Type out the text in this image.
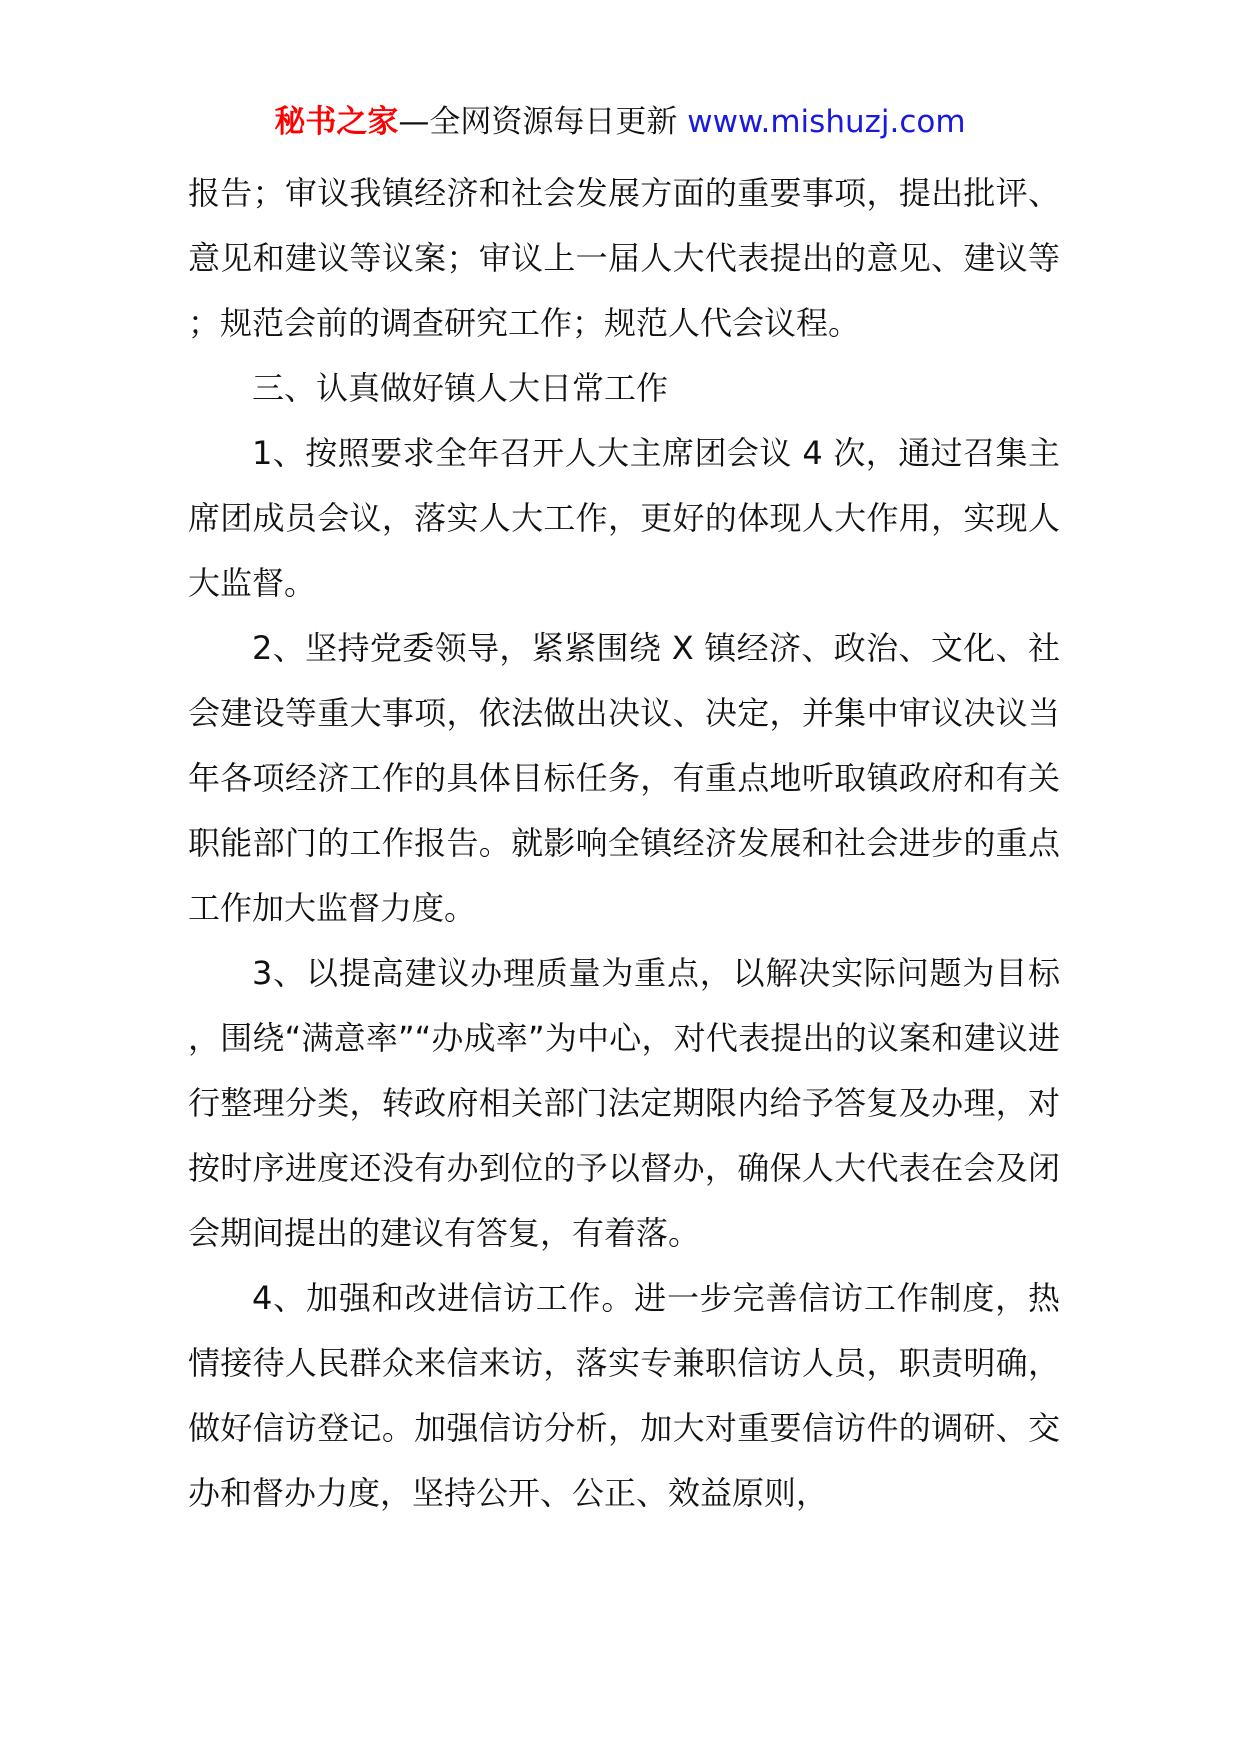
秘书之家—全网资源每日更新 www.mishuzj.com

报告；审议我镇经济和社会发展方面的重要事项，提出批评、意见和建议等议案；审议上一届人大代表提出的意见、建议等；规范会前的调查研究工作；规范人代会议程。

三、认真做好镇人大日常工作

1、按照要求全年召开人大主席团会议 4 次，通过召集主席团成员会议，落实人大工作，更好的体现人大作用，实现人大监督。

2、坚持党委领导，紧紧围绕 X 镇经济、政治、文化、社会建设等重大事项，依法做出决议、决定，并集中审议决议当年各项经济工作的具体目标任务，有重点地听取镇政府和有关职能部门的工作报告。就影响全镇经济发展和社会进步的重点工作加大监督力度。

3、以提高建议办理质量为重点，以解决实际问题为目标，围绕“满意率”“办成率”为中心，对代表提出的议案和建议进行整理分类，转政府相关部门法定期限内给予答复及办理，对按时序进度还没有办到位的予以督办，确保人大代表在会及闭会期间提出的建议有答复，有着落。

4、加强和改进信访工作。进一步完善信访工作制度，热情接待人民群众来信来访，落实专兼职信访人员，职责明确，做好信访登记。加强信访分析，加大对重要信访件的调研、交办和督办力度，坚持公开、公正、效益原则，
